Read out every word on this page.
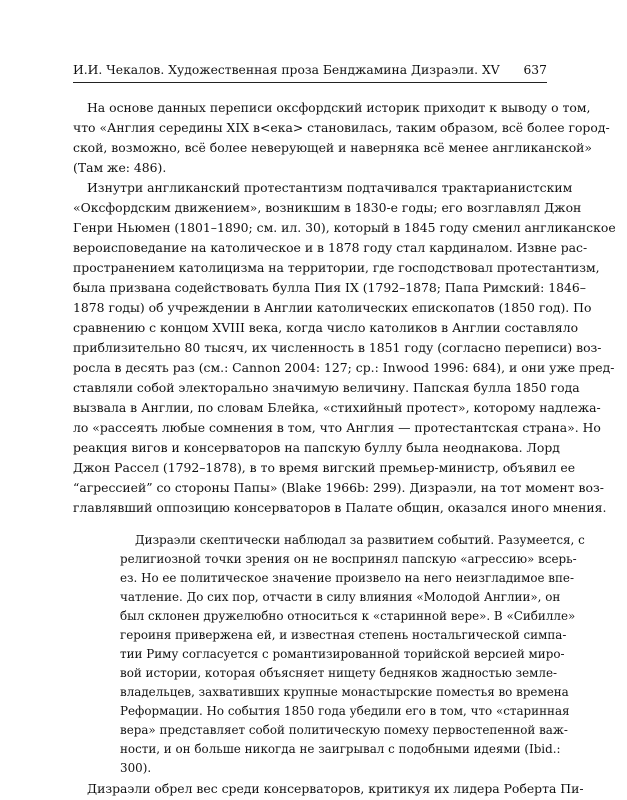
И.И. Чекалов. Художественная проза Бенджамина Дизраэли. XV 637
На основе данных переписи оксфордский историк приходит к выводу о том,
что «Англия середины XIX в<ека> становилась, таким образом, всё более город-
ской, возможно, всё более неверующей и наверняка всё менее англиканской»
(Там же: 486).
Изнутри англиканский протестантизм подтачивался трактарианистским
«Оксфордским движением», возникшим в 1830-е годы; его возглавлял Джон
Генри Ньюмен (1801–1890; см. ил. 30), который в 1845 году сменил англиканское
вероисповедание на католическое и в 1878 году стал кардиналом. Извне рас-
пространением католицизма на территории, где господствовал протестантизм,
была призвана содействовать булла Пия IX (1792–1878; Папа Римский: 1846–
1878 годы) об учреждении в Англии католических епископатов (1850 год). По
сравнению с концом XVIII века, когда число католиков в Англии составляло
приблизительно 80 тысяч, их численность в 1851 году (согласно переписи) воз-
росла в десять раз (см.: Cannon 2004: 127; ср.: Inwood 1996: 684), и они уже пред-
ставляли собой электорально значимую величину. Папская булла 1850 года
вызвала в Англии, по словам Блейка, «стихийный протест», которому надлежа-
ло «рассеять любые сомнения в том, что Англия — протестантская страна». Но
реакция вигов и консерваторов на папскую буллу была неоднакова. Лорд
Джон Рассел (1792–1878), в то время вигский премьер-министр, объявил ее
“агрессией” со стороны Папы» (Blake 1966b: 299). Дизраэли, на тот момент воз-
главлявший оппозицию консерваторов в Палате общин, оказался иного мнения.
Дизраэли скептически наблюдал за развитием событий. Разумеется, с
религиозной точки зрения он не воспринял папскую «агрессию» всерь-
ез. Но ее политическое значение произвело на него неизгладимое впе-
чатление. До сих пор, отчасти в силу влияния «Молодой Англии», он
был склонен дружелюбно относиться к «старинной вере». В «Сибилле»
героиня привержена ей, и известная степень ностальгической симпа-
тии Риму согласуется с романтизированной торийской версией миро-
вой истории, которая объясняет нищету бедняков жадностью земле-
владельцев, захвативших крупные монастырские поместья во времена
Реформации. Но события 1850 года убедили его в том, что «старинная
вера» представляет собой политическую помеху первостепенной важ-
ности, и он больше никогда не заигрывал с подобными идеями (Ibid.:
300).
Дизраэли обрел вес среди консерваторов, критикуя их лидера Роберта Пи-
